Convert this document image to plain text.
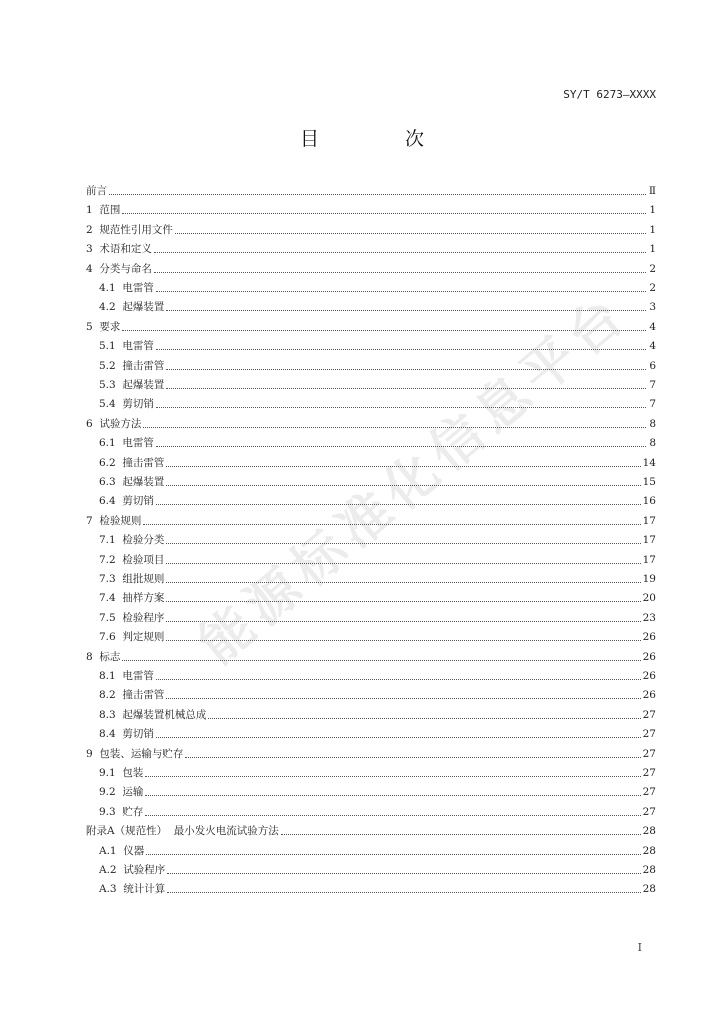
SY/T 6273—XXXX
目 次
能源标准化信息平台
前言	Ⅱ
1  范围	1
2  规范性引用文件	1
3  术语和定义	1
4  分类与命名	2
4.1  电雷管	2
4.2  起爆装置	3
5  要求	4
5.1  电雷管	4
5.2  撞击雷管	6
5.3  起爆装置	7
5.4  剪切销	7
6  试验方法	8
6.1  电雷管	8
6.2  撞击雷管	14
6.3  起爆装置	15
6.4  剪切销	16
7  检验规则	17
7.1  检验分类	17
7.2  检验项目	17
7.3  组批规则	19
7.4  抽样方案	20
7.5  检验程序	23
7.6  判定规则	26
8  标志	26
8.1  电雷管	26
8.2  撞击雷管	26
8.3  起爆装置机械总成	27
8.4  剪切销	27
9  包装、运输与贮存	27
9.1  包装	27
9.2  运输	27
9.3  贮存	27
附录A（规范性）  最小发火电流试验方法	28
A.1  仪器	28
A.2  试验程序	28
A.3  统计计算	28
I
